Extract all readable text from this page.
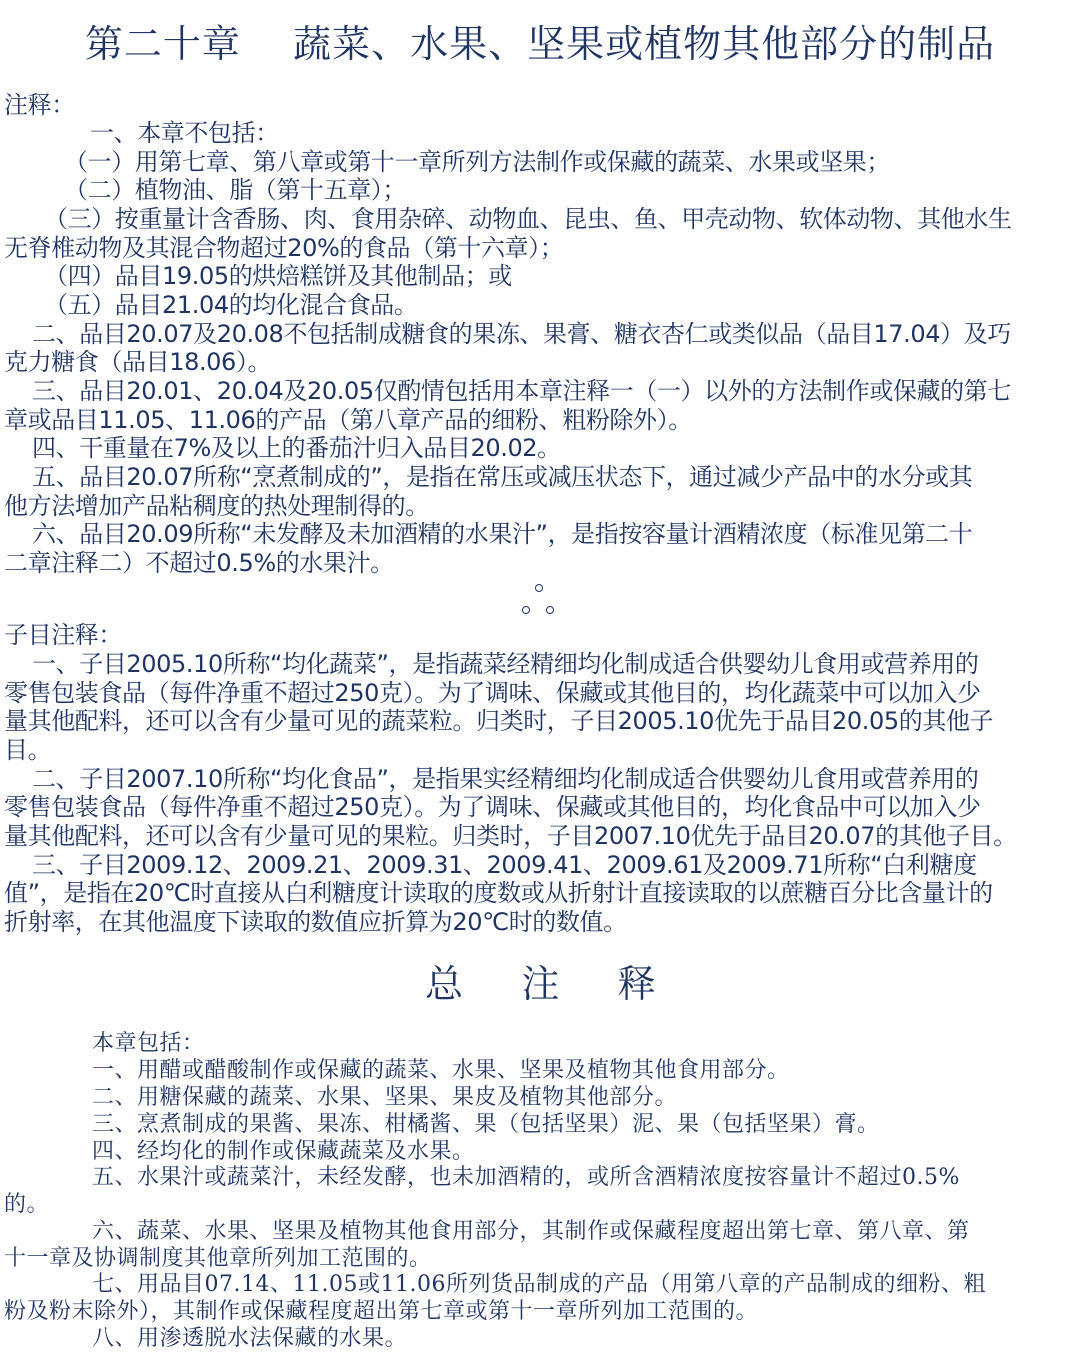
第二十章    蔬菜、水果、坚果或植物其他部分的制品
注释：
一、本章不包括：
（一）用第七章、第八章或第十一章所列方法制作或保藏的蔬菜、水果或坚果；
（二）植物油、脂（第十五章）；
（三）按重量计含香肠、肉、食用杂碎、动物血、昆虫、鱼、甲壳动物、软体动物、其他水生
无脊椎动物及其混合物超过20%的食品（第十六章）；
（四）品目19.05的烘焙糕饼及其他制品；或
（五）品目21.04的均化混合食品。
二、品目20.07及20.08不包括制成糖食的果冻、果膏、糖衣杏仁或类似品（品目17.04）及巧
克力糖食（品目18.06）。
三、品目20.01、20.04及20.05仅酌情包括用本章注释一（一）以外的方法制作或保藏的第七
章或品目11.05、11.06的产品（第八章产品的细粉、粗粉除外）。
四、干重量在7%及以上的番茄汁归入品目20.02。
五、品目20.07所称“烹煮制成的”，是指在常压或减压状态下，通过减少产品中的水分或其
他方法增加产品粘稠度的热处理制得的。
六、品目20.09所称“未发酵及未加酒精的水果汁”，是指按容量计酒精浓度（标准见第二十
二章注释二）不超过0.5%的水果汁。
子目注释：
一、子目2005.10所称“均化蔬菜”，是指蔬菜经精细均化制成适合供婴幼儿食用或营养用的
零售包装食品（每件净重不超过250克）。为了调味、保藏或其他目的，均化蔬菜中可以加入少
量其他配料，还可以含有少量可见的蔬菜粒。归类时，子目2005.10优先于品目20.05的其他子
目。
二、子目2007.10所称“均化食品”，是指果实经精细均化制成适合供婴幼儿食用或营养用的
零售包装食品（每件净重不超过250克）。为了调味、保藏或其他目的，均化食品中可以加入少
量其他配料，还可以含有少量可见的果粒。归类时，子目2007.10优先于品目20.07的其他子目。
三、子目2009.12、2009.21、2009.31、2009.41、2009.61及2009.71所称“白利糖度
值”，是指在20℃时直接从白利糖度计读取的度数或从折射计直接读取的以蔗糖百分比含量计的
折射率，在其他温度下读取的数值应折算为20℃时的数值。
总    注    释
本章包括：
一、用醋或醋酸制作或保藏的蔬菜、水果、坚果及植物其他食用部分。
二、用糖保藏的蔬菜、水果、坚果、果皮及植物其他部分。
三、烹煮制成的果酱、果冻、柑橘酱、果（包括坚果）泥、果（包括坚果）膏。
四、经均化的制作或保藏蔬菜及水果。
五、水果汁或蔬菜汁，未经发酵，也未加酒精的，或所含酒精浓度按容量计不超过0.5%
的。
六、蔬菜、水果、坚果及植物其他食用部分，其制作或保藏程度超出第七章、第八章、第
十一章及协调制度其他章所列加工范围的。
七、用品目07.14、11.05或11.06所列货品制成的产品（用第八章的产品制成的细粉、粗
粉及粉末除外），其制作或保藏程度超出第七章或第十一章所列加工范围的。
八、用渗透脱水法保藏的水果。
